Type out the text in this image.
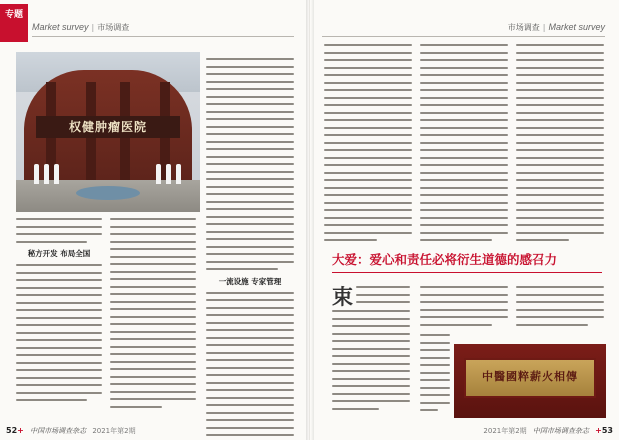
专题
Market survey | 市场调查
权健肿瘤医院
秘方开发 布局全国
一流设施 专家管理
52+ 中国市场调查杂志 2021年第2期
市场调查 | Market survey
大爱：爱心和责任必将衍生道德的感召力
束
中醫國粹薪火相傳
2021年第2期 中国市场调查杂志 +53
